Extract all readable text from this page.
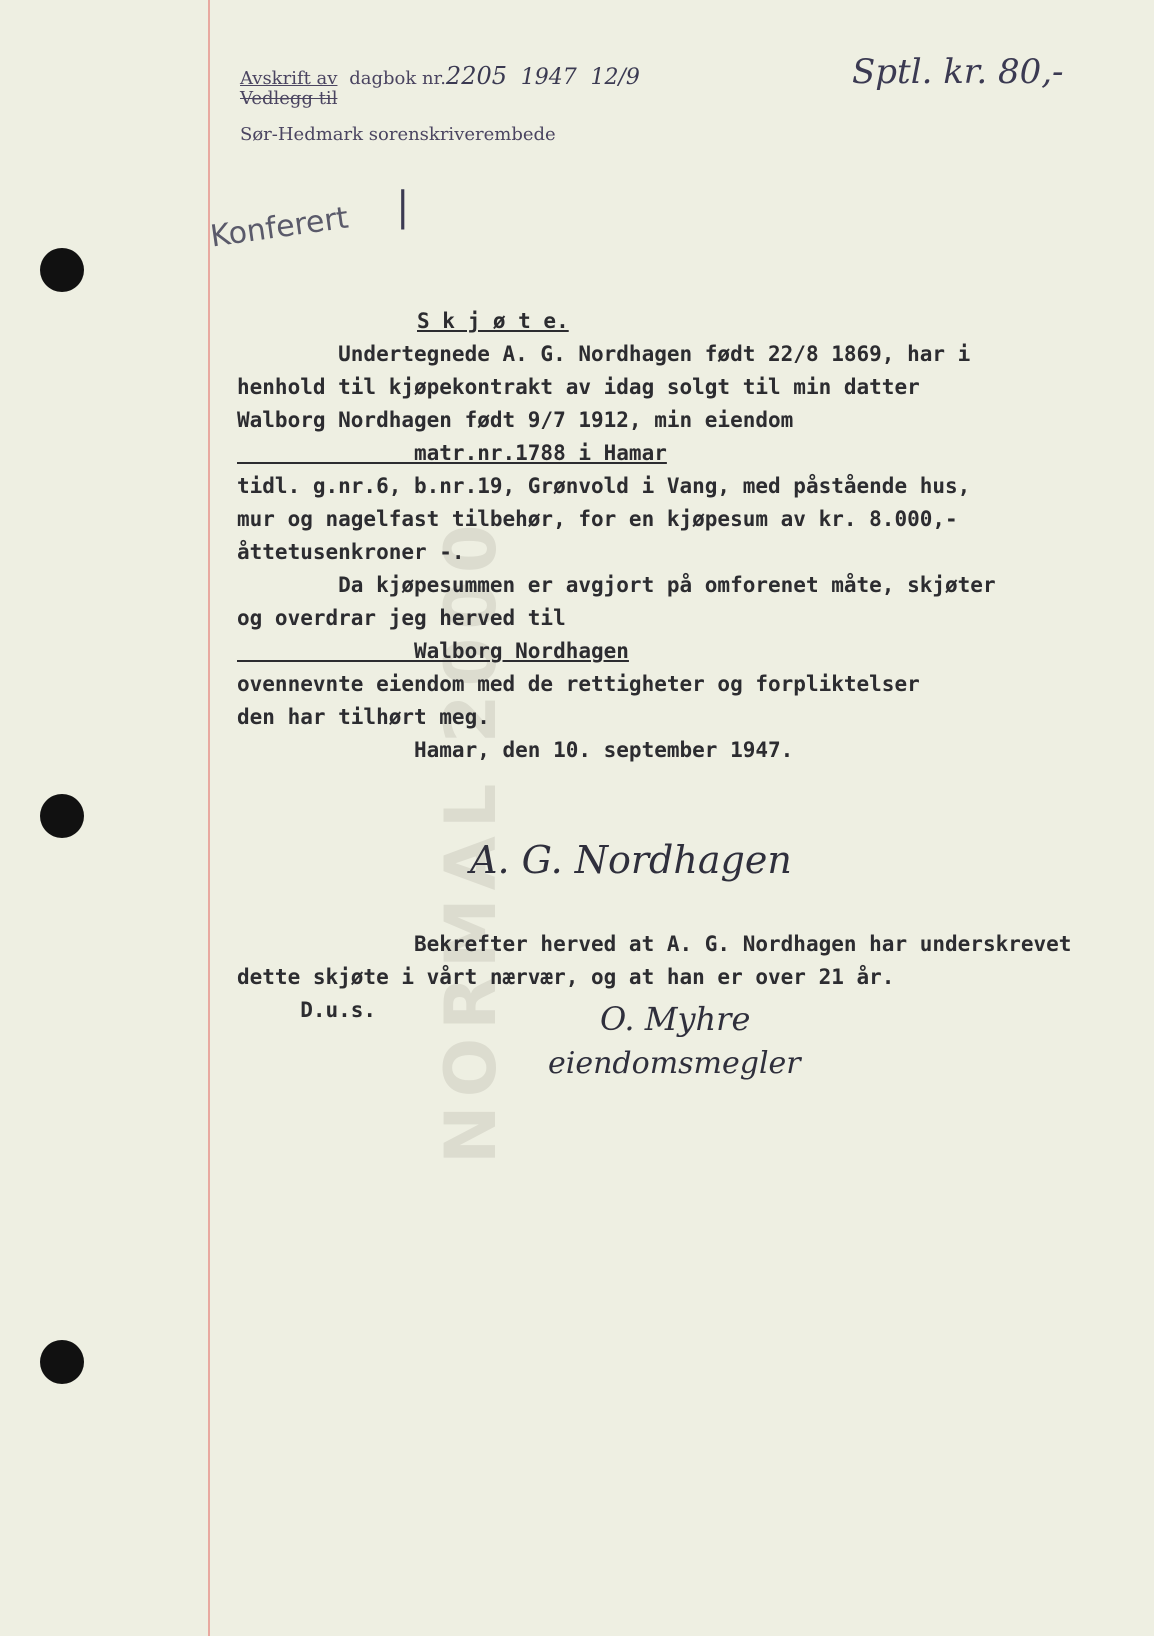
NORMAL 2000
Avskrift av dagbok nr.2205 1947 12/9
Vedlegg til
Sør-Hedmark sorenskriverembede
Sptl. kr. 80,-
Konferert |
S k j ø t e.
Undertegnede A. G. Nordhagen født 22/8 1869, har i
henhold til kjøpekontrakt av idag solgt til min datter
Walborg Nordhagen født 9/7 1912, min eiendom
matr.nr.1788 i Hamar
tidl. g.nr.6, b.nr.19, Grønvold i Vang, med påstående hus,
mur og nagelfast tilbehør, for en kjøpesum av kr. 8.000,-
åttetusenkroner -.
Da kjøpesummen er avgjort på omforenet måte, skjøter
og overdrar jeg herved til
Walborg Nordhagen
ovennevnte eiendom med de rettigheter og forpliktelser
den har tilhørt meg.
Hamar, den 10. september 1947.
A. G. Nordhagen
Bekrefter herved at A. G. Nordhagen har underskrevet
dette skjøte i vårt nærvær, og at han er over 21 år.
D.u.s.	O. Myhre
eiendomsmegler
